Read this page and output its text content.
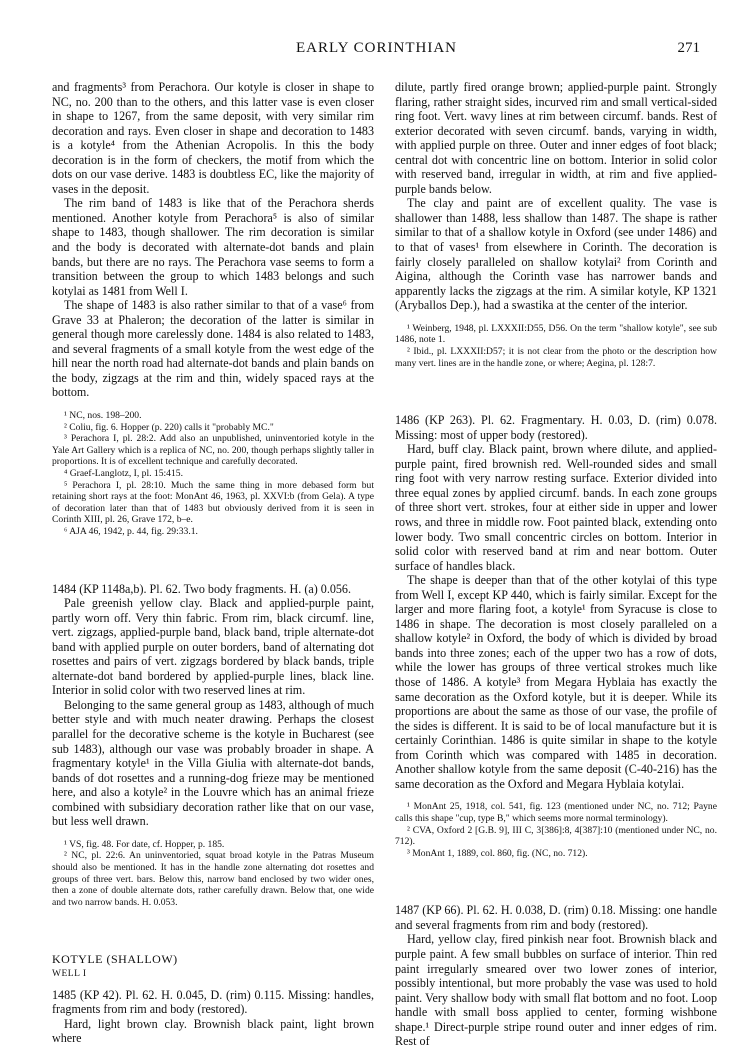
EARLY CORINTHIAN	271

and fragments³ from Perachora. Our kotyle is closer in shape to NC, no. 200 than to the others, and this latter vase is even closer in shape to 1267, from the same deposit, with very similar rim decoration and rays. Even closer in shape and decoration to 1483 is a kotyle⁴ from the Athenian Acropolis. In this the body decoration is in the form of checkers, the motif from which the dots on our vase derive. 1483 is doubtless EC, like the majority of vases in the deposit.

The rim band of 1483 is like that of the Perachora sherds mentioned. Another kotyle from Perachora⁵ is also of similar shape to 1483, though shallower. The rim decoration is similar and the body is decorated with alternate-dot bands and plain bands, but there are no rays. The Perachora vase seems to form a transition between the group to which 1483 belongs and such kotylai as 1481 from Well I.

The shape of 1483 is also rather similar to that of a vase⁶ from Grave 33 at Phaleron; the decoration of the latter is similar in general though more carelessly done. 1484 is also related to 1483, and several fragments of a small kotyle from the west edge of the hill near the north road had alternate-dot bands and plain bands on the body, zigzags at the rim and thin, widely spaced rays at the bottom.

¹ NC, nos. 198–200.

² Coliu, fig. 6. Hopper (p. 220) calls it "probably MC."

³ Perachora I, pl. 28:2. Add also an unpublished, uninventoried kotyle in the Yale Art Gallery which is a replica of NC, no. 200, though perhaps slightly taller in proportions. It is of excellent technique and carefully decorated.

⁴ Graef-Langlotz, I, pl. 15:415.

⁵ Perachora I, pl. 28:10. Much the same thing in more debased form but retaining short rays at the foot: MonAnt 46, 1963, pl. XXVI:b (from Gela). A type of decoration later than that of 1483 but obviously derived from it is seen in Corinth XIII, pl. 26, Grave 172, b–e.

⁶ AJA 46, 1942, p. 44, fig. 29:33.1.

1484 (KP 1148a,b). Pl. 62. Two body fragments. H. (a) 0.056.

Pale greenish yellow clay. Black and applied-purple paint, partly worn off. Very thin fabric. From rim, black circumf. line, vert. zigzags, applied-purple band, black band, triple alternate-dot band with applied purple on outer borders, band of alternating dot rosettes and pairs of vert. zigzags bordered by black bands, triple alternate-dot band bordered by applied-purple lines, black line. Interior in solid color with two reserved lines at rim.

Belonging to the same general group as 1483, although of much better style and with much neater drawing. Perhaps the closest parallel for the decorative scheme is the kotyle in Bucharest (see sub 1483), although our vase was probably broader in shape. A fragmentary kotyle¹ in the Villa Giulia with alternate-dot bands, bands of dot rosettes and a running-dog frieze may be mentioned here, and also a kotyle² in the Louvre which has an animal frieze combined with subsidiary decoration rather like that on our vase, but less well drawn.

¹ VS, fig. 48. For date, cf. Hopper, p. 185.

² NC, pl. 22:6. An uninventoried, squat broad kotyle in the Patras Museum should also be mentioned. It has in the handle zone alternating dot rosettes and groups of three vert. bars. Below this, narrow band enclosed by two wider ones, then a zone of double alternate dots, rather carefully drawn. Below that, one wide and two narrow bands. H. 0.053.

KOTYLE (SHALLOW)
WELL I

1485 (KP 42). Pl. 62. H. 0.045, D. (rim) 0.115. Missing: handles, fragments from rim and body (restored).

Hard, light brown clay. Brownish black paint, light brown where

dilute, partly fired orange brown; applied-purple paint. Strongly flaring, rather straight sides, incurved rim and small vertical-sided ring foot. Vert. wavy lines at rim between circumf. bands. Rest of exterior decorated with seven circumf. bands, varying in width, with applied purple on three. Outer and inner edges of foot black; central dot with concentric line on bottom. Interior in solid color with reserved band, irregular in width, at rim and five applied-purple bands below.

The clay and paint are of excellent quality. The vase is shallower than 1488, less shallow than 1487. The shape is rather similar to that of a shallow kotyle in Oxford (see under 1486) and to that of vases¹ from elsewhere in Corinth. The decoration is fairly closely paralleled on shallow kotylai² from Corinth and Aigina, although the Corinth vase has narrower bands and apparently lacks the zigzags at the rim. A similar kotyle, KP 1321 (Aryballos Dep.), had a swastika at the center of the interior.

¹ Weinberg, 1948, pl. LXXXII:D55, D56. On the term "shallow kotyle", see sub 1486, note 1.

² Ibid., pl. LXXXII:D57; it is not clear from the photo or the description how many vert. lines are in the handle zone, or where; Aegina, pl. 128:7.

1486 (KP 263). Pl. 62. Fragmentary. H. 0.03, D. (rim) 0.078. Missing: most of upper body (restored).

Hard, buff clay. Black paint, brown where dilute, and applied-purple paint, fired brownish red. Well-rounded sides and small ring foot with very narrow resting surface. Exterior divided into three equal zones by applied circumf. bands. In each zone groups of three short vert. strokes, four at either side in upper and lower rows, and three in middle row. Foot painted black, extending onto lower body. Two small concentric circles on bottom. Interior in solid color with reserved band at rim and near bottom. Outer surface of handles black.

The shape is deeper than that of the other kotylai of this type from Well I, except KP 440, which is fairly similar. Except for the larger and more flaring foot, a kotyle¹ from Syracuse is close to 1486 in shape. The decoration is most closely paralleled on a shallow kotyle² in Oxford, the body of which is divided by broad bands into three zones; each of the upper two has a row of dots, while the lower has groups of three vertical strokes much like those of 1486. A kotyle³ from Megara Hyblaia has exactly the same decoration as the Oxford kotyle, but it is deeper. While its proportions are about the same as those of our vase, the profile of the sides is different. It is said to be of local manufacture but it is certainly Corinthian. 1486 is quite similar in shape to the kotyle from Corinth which was compared with 1485 in decoration. Another shallow kotyle from the same deposit (C-40-216) has the same decoration as the Oxford and Megara Hyblaia kotylai.

¹ MonAnt 25, 1918, col. 541, fig. 123 (mentioned under NC, no. 712; Payne calls this shape "cup, type B," which seems more normal terminology).

² CVA, Oxford 2 [G.B. 9], III C, 3[386]:8, 4[387]:10 (mentioned under NC, no. 712).

³ MonAnt 1, 1889, col. 860, fig. (NC, no. 712).

1487 (KP 66). Pl. 62. H. 0.038, D. (rim) 0.18. Missing: one handle and several fragments from rim and body (restored).

Hard, yellow clay, fired pinkish near foot. Brownish black and purple paint. A few small bubbles on surface of interior. Thin red paint irregularly smeared over two lower zones of interior, possibly intentional, but more probably the vase was used to hold paint. Very shallow body with small flat bottom and no foot. Loop handle with small boss applied to center, forming wishbone shape.¹ Direct-purple stripe round outer and inner edges of rim. Rest of
